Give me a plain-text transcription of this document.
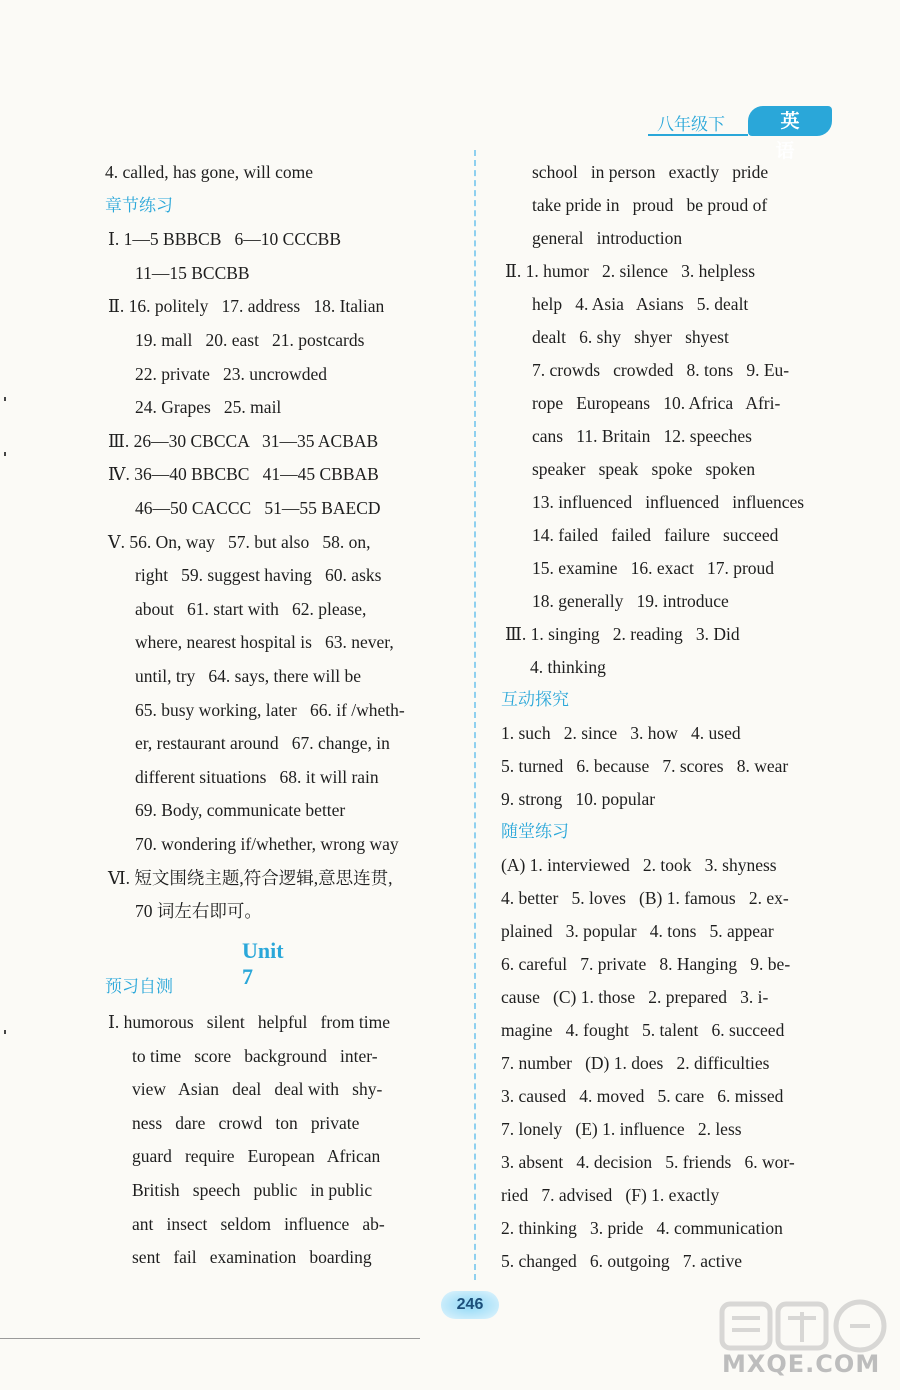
八年级下	英 语
4. called, has gone, will come
章节练习
Ⅰ. 1—5 BBBCB   6—10 CCCBB
11—15 BCCBB
Ⅱ. 16. politely   17. address   18. Italian
19. mall   20. east   21. postcards
22. private   23. uncrowded
24. Grapes   25. mail
Ⅲ. 26—30 CBCCA   31—35 ACBAB
Ⅳ. 36—40 BBCBC   41—45 CBBAB
46—50 CACCC   51—55 BAECD
Ⅴ. 56. On, way   57. but also   58. on,
right   59. suggest having   60. asks
about   61. start with   62. please,
where, nearest hospital is   63. never,
until, try   64. says, there will be
65. busy working, later   66. if /wheth-
er, restaurant around   67. change, in
different situations   68. it will rain
69. Body, communicate better
70. wondering if/whether, wrong way
Ⅵ. 短文围绕主题,符合逻辑,意思连贯,
70 词左右即可。
Unit 7
预习自测
Ⅰ. humorous   silent   helpful   from time
to time   score   background   inter-
view   Asian   deal   deal with   shy-
ness   dare   crowd   ton   private
guard   require   European   African
British   speech   public   in public
ant   insect   seldom   influence   ab-
sent   fail   examination   boarding
school   in person   exactly   pride
take pride in   proud   be proud of
general   introduction
Ⅱ. 1. humor   2. silence   3. helpless
help   4. Asia   Asians   5. dealt
dealt   6. shy   shyer   shyest
7. crowds   crowded   8. tons   9. Eu-
rope   Europeans   10. Africa   Afri-
cans   11. Britain   12. speeches
speaker   speak   spoke   spoken
13. influenced   influenced   influences
14. failed   failed   failure   succeed
15. examine   16. exact   17. proud
18. generally   19. introduce
Ⅲ. 1. singing   2. reading   3. Did
4. thinking
互动探究
1. such   2. since   3. how   4. used
5. turned   6. because   7. scores   8. wear
9. strong   10. popular
随堂练习
(A) 1. interviewed   2. took   3. shyness
4. better   5. loves   (B) 1. famous   2. ex-
plained   3. popular   4. tons   5. appear
6. careful   7. private   8. Hanging   9. be-
cause   (C) 1. those   2. prepared   3. i-
magine   4. fought   5. talent   6. succeed
7. number   (D) 1. does   2. difficulties
3. caused   4. moved   5. care   6. missed
7. lonely   (E) 1. influence   2. less
3. absent   4. decision   5. friends   6. wor-
ried   7. advised   (F) 1. exactly
2. thinking   3. pride   4. communication
5. changed   6. outgoing   7. active
246
MXQE.COM
